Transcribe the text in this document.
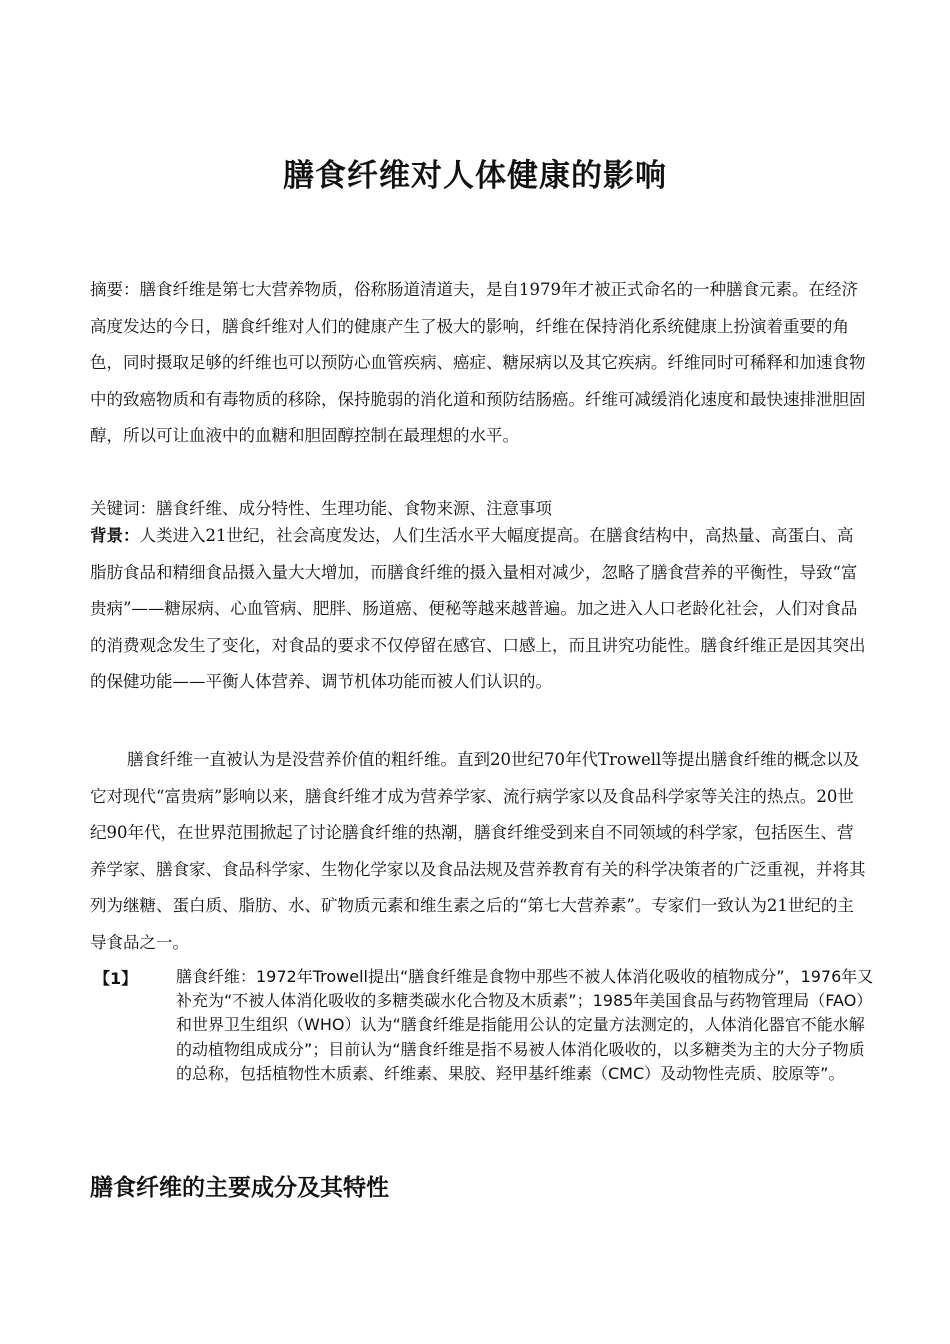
膳食纤维对人体健康的影响

摘要：膳食纤维是第七大营养物质，俗称肠道清道夫，是自1979年才被正式命名的一种膳食元素。在经济高度发达的今日，膳食纤维对人们的健康产生了极大的影响，纤维在保持消化系统健康上扮演着重要的角色，同时摄取足够的纤维也可以预防心血管疾病、癌症、糖尿病以及其它疾病。纤维同时可稀释和加速食物中的致癌物质和有毒物质的移除，保持脆弱的消化道和预防结肠癌。纤维可减缓消化速度和最快速排泄胆固醇，所以可让血液中的血糖和胆固醇控制在最理想的水平。

关键词：膳食纤维、成分特性、生理功能、食物来源、注意事项

背景：人类进入21世纪，社会高度发达，人们生活水平大幅度提高。在膳食结构中，高热量、高蛋白、高脂肪食品和精细食品摄入量大大增加，而膳食纤维的摄入量相对减少，忽略了膳食营养的平衡性，导致“富贵病”——糖尿病、心血管病、肥胖、肠道癌、便秘等越来越普遍。加之进入人口老龄化社会，人们对食品的消费观念发生了变化，对食品的要求不仅停留在感官、口感上，而且讲究功能性。膳食纤维正是因其突出的保健功能——平衡人体营养、调节机体功能而被人们认识的。

膳食纤维一直被认为是没营养价值的粗纤维。直到20世纪70年代Trowell等提出膳食纤维的概念以及它对现代“富贵病”影响以来，膳食纤维才成为营养学家、流行病学家以及食品科学家等关注的热点。20世纪90年代，在世界范围掀起了讨论膳食纤维的热潮，膳食纤维受到来自不同领域的科学家，包括医生、营养学家、膳食家、食品科学家、生物化学家以及食品法规及营养教育有关的科学决策者的广泛重视，并将其列为继糖、蛋白质、脂肪、水、矿物质元素和维生素之后的“第七大营养素”。专家们一致认为21世纪的主导食品之一。

【1】 膳食纤维：1972年Trowell提出“膳食纤维是食物中那些不被人体消化吸收的植物成分”，1976年又补充为“不被人体消化吸收的多糖类碳水化合物及木质素”；1985年美国食品与药物管理局（FAO）和世界卫生组织（WHO）认为“膳食纤维是指能用公认的定量方法测定的，人体消化器官不能水解的动植物组成成分”；目前认为“膳食纤维是指不易被人体消化吸收的，以多糖类为主的大分子物质的总称，包括植物性木质素、纤维素、果胶、羟甲基纤维素（CMC）及动物性壳质、胶原等”。

膳食纤维的主要成分及其特性
